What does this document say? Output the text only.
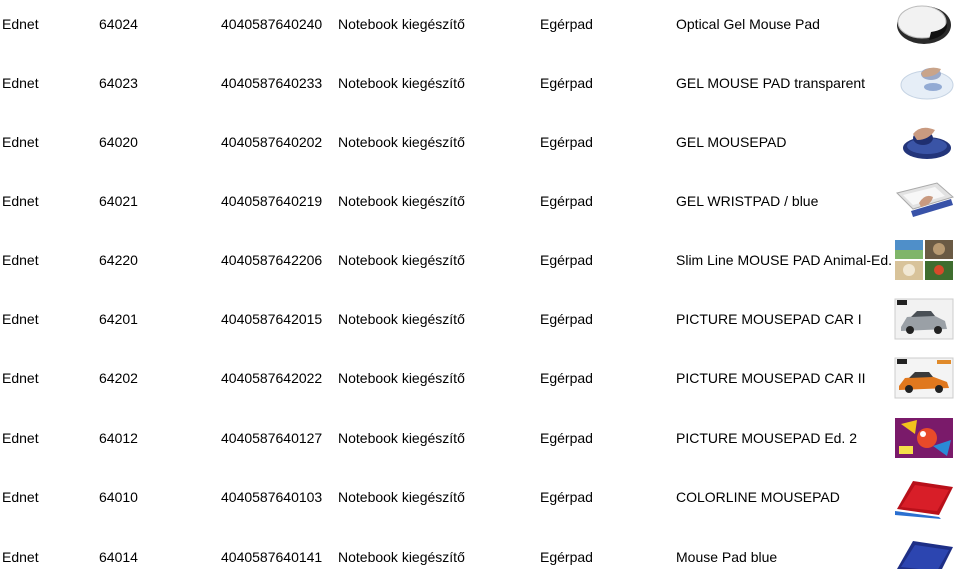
Ednet	64024	4040587640240 Notebook kiegészítő	Egérpad	Optical Gel Mouse Pad
Ednet	64023	4040587640233 Notebook kiegészítő	Egérpad	GEL MOUSE PAD transparent
Ednet	64020	4040587640202 Notebook kiegészítő	Egérpad	GEL MOUSEPAD
Ednet	64021	4040587640219 Notebook kiegészítő	Egérpad	GEL WRISTPAD / blue
Ednet	64220	4040587642206 Notebook kiegészítő	Egérpad	Slim Line MOUSE PAD Animal-Ed.
Ednet	64201	4040587642015 Notebook kiegészítő	Egérpad	PICTURE MOUSEPAD CAR I
Ednet	64202	4040587642022 Notebook kiegészítő	Egérpad	PICTURE MOUSEPAD CAR II
Ednet	64012	4040587640127 Notebook kiegészítő	Egérpad	PICTURE MOUSEPAD Ed. 2
Ednet	64010	4040587640103 Notebook kiegészítő	Egérpad	COLORLINE MOUSEPAD
Ednet	64014	4040587640141 Notebook kiegészítő	Egérpad	Mouse Pad blue
